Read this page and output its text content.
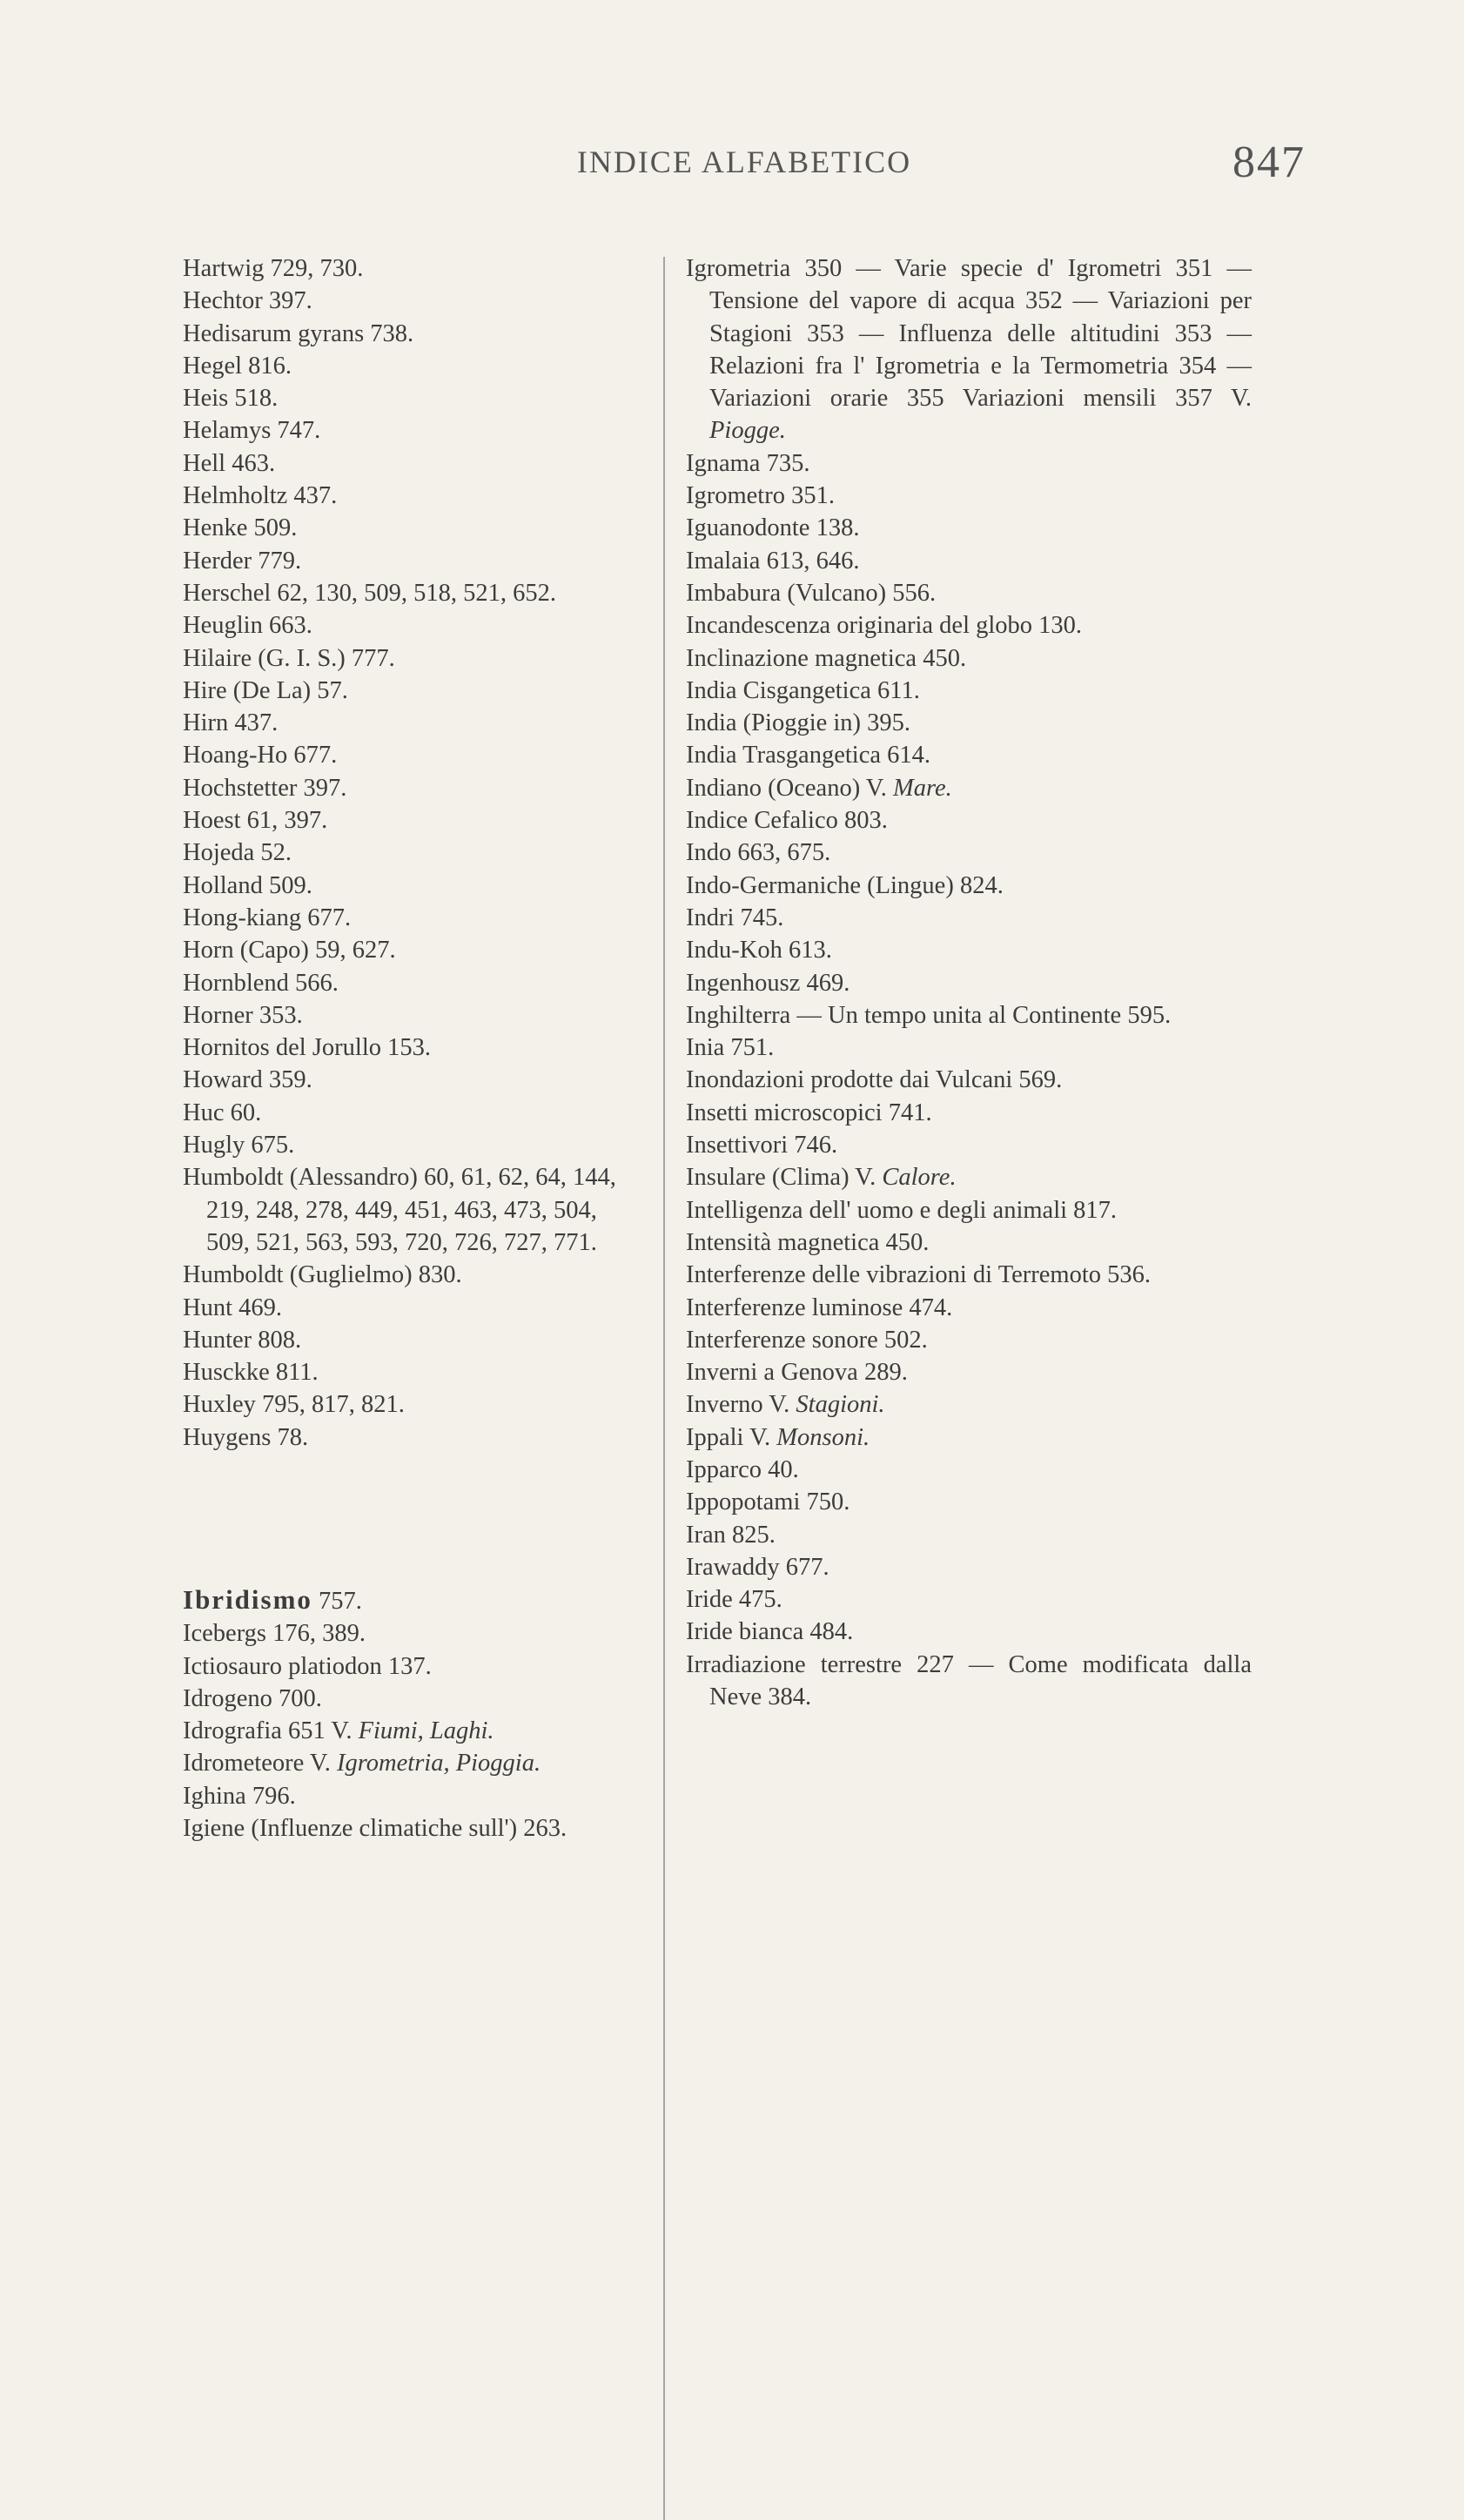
INDICE ALFABETICO	847

Hartwig 729, 730.

Hechtor 397.

Hedisarum gyrans 738.

Hegel 816.

Heis 518.

Helamys 747.

Hell 463.

Helmholtz 437.

Henke 509.

Herder 779.

Herschel 62, 130, 509, 518, 521, 652.

Heuglin 663.

Hilaire (G. I. S.) 777.

Hire (De La) 57.

Hirn 437.

Hoang-Ho 677.

Hochstetter 397.

Hoest 61, 397.

Hojeda 52.

Holland 509.

Hong-kiang 677.

Horn (Capo) 59, 627.

Hornblend 566.

Horner 353.

Hornitos del Jorullo 153.

Howard 359.

Huc 60.

Hugly 675.

Humboldt (Alessandro) 60, 61, 62, 64, 144, 219, 248, 278, 449, 451, 463, 473, 504, 509, 521, 563, 593, 720, 726, 727, 771.

Humboldt (Guglielmo) 830.

Hunt 469.

Hunter 808.

Husckke 811.

Huxley 795, 817, 821.

Huygens 78.

Ibridismo 757.

Icebergs 176, 389.

Ictiosauro platiodon 137.

Idrogeno 700.

Idrografia 651 V. Fiumi, Laghi.

Idrometeore V. Igrometria, Pioggia.

Ighina 796.

Igiene (Influenze climatiche sull') 263.

Igrometria 350 — Varie specie d' Igrometri 351 — Tensione del vapore di acqua 352 — Variazioni per Stagioni 353 — Influenza delle altitudini 353 — Relazioni fra l' Igrometria e la Termometria 354 — Variazioni orarie 355 Variazioni mensili 357 V. Piogge.

Ignama 735.

Igrometro 351.

Iguanodonte 138.

Imalaia 613, 646.

Imbabura (Vulcano) 556.

Incandescenza originaria del globo 130.

Inclinazione magnetica 450.

India Cisgangetica 611.

India (Pioggie in) 395.

India Trasgangetica 614.

Indiano (Oceano) V. Mare.

Indice Cefalico 803.

Indo 663, 675.

Indo-Germaniche (Lingue) 824.

Indri 745.

Indu-Koh 613.

Ingenhousz 469.

Inghilterra — Un tempo unita al Continente 595.

Inia 751.

Inondazioni prodotte dai Vulcani 569.

Insetti microscopici 741.

Insettivori 746.

Insulare (Clima) V. Calore.

Intelligenza dell' uomo e degli animali 817.

Intensità magnetica 450.

Interferenze delle vibrazioni di Terremoto 536.

Interferenze luminose 474.

Interferenze sonore 502.

Inverni a Genova 289.

Inverno V. Stagioni.

Ippali V. Monsoni.

Ipparco 40.

Ippopotami 750.

Iran 825.

Irawaddy 677.

Iride 475.

Iride bianca 484.

Irradiazione terrestre 227 — Come modificata dalla Neve 384.
